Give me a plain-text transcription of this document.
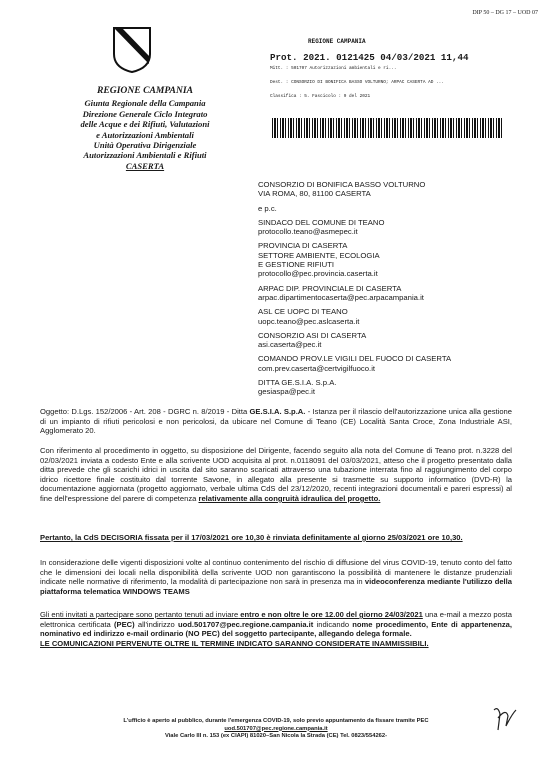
DIP 50 – DG 17 – UOD 07
REGIONE CAMPANIA
Giunta Regionale della Campania
Direzione Generale Ciclo Integrato
delle Acque e dei Rifiuti, Valutazioni
e Autorizzazioni Ambientali
Unità Operativa Dirigenziale
Autorizzazioni Ambientali e Rifiuti
CASERTA
REGIONE CAMPANIA
Prot. 2021. 0121425 04/03/2021 11,44
Mitt. : 501707 Autorizzazioni ambientali e ri...
Dest. : CONSORZIO DI BONIFICA BASSO VOLTURNO; ARPAC CASERTA AD ...
Classifica : 5. Fascicolo : 9 del 2021
CONSORZIO DI BONIFICA BASSO VOLTURNO
VIA ROMA, 80, 81100 CASERTA
e p.c.
SINDACO DEL COMUNE DI TEANO
protocollo.teano@asmepec.it
PROVINCIA DI CASERTA
SETTORE AMBIENTE, ECOLOGIA
E GESTIONE RIFIUTI
protocollo@pec.provincia.caserta.it
ARPAC DIP. PROVINCIALE DI CASERTA
arpac.dipartimentocaserta@pec.arpacampania.it
ASL CE UOPC DI TEANO
uopc.teano@pec.aslcaserta.it
CONSORZIO ASI DI CASERTA
asi.caserta@pec.it
COMANDO PROV.LE VIGILI DEL FUOCO DI CASERTA
com.prev.caserta@certvigilfuoco.it
DITTA GE.S.I.A. S.p.A.
gesiaspa@pec.it
Oggetto: D.Lgs. 152/2006 - Art. 208 - DGRC n. 8/2019 - Ditta GE.S.I.A. S.p.A. - Istanza per il rilascio dell'autorizzazione unica alla gestione di un impianto di rifiuti pericolosi e non pericolosi, da ubicare nel Comune di Teano (CE) Località Santa Croce, Zona Industriale ASI, Agglomerato 20.
Con riferimento al procedimento in oggetto, su disposizione del Dirigente, facendo seguito alla nota del Comune di Teano prot. n.3228 del 02/03/2021 inviata a codesto Ente e alla scrivente UOD acquisita al prot. n.0118091 del 03/03/2021, atteso che il progetto presentato dalla ditta prevede che gli scarichi idrici in uscita dal sito saranno scaricati attraverso una tubazione interrata fino al raggiungimento del corpo idrico ricettore finale costituito dal torrente Savone, in allegato alla presente si trasmette su supporto informatico (DVD-R) la documentazione aggiornata (progetto aggiornato, verbale ultima CdS del 23/12/2020, recenti integrazioni documentali e pareri espressi) al fine dell'espressione del parere di competenza relativamente alla congruità idraulica del progetto.
Pertanto, la CdS DECISORIA fissata per il 17/03/2021 ore 10,30 è rinviata definitamente al giorno 25/03/2021 ore 10,30.
In considerazione delle vigenti disposizioni volte al continuo contenimento del rischio di diffusione del virus COVID-19, tenuto conto del fatto che le dimensioni dei locali nella disponibilità della scrivente UOD non garantiscono la possibilità di mantenere le distanze prudenziali indicate nelle normative di riferimento, la modalità di partecipazione non sarà in presenza ma in videoconferenza mediante l'utilizzo della piattaforma telematica WINDOWS TEAMS
Gli enti invitati a partecipare sono pertanto tenuti ad inviare entro e non oltre le ore 12.00 del giorno 24/03/2021 una e-mail a mezzo posta elettronica certificata (PEC) all'indirizzo uod.501707@pec.regione.campania.it indicando nome procedimento, Ente di appartenenza, nominativo ed indirizzo e-mail ordinario (NO PEC) del soggetto partecipante, allegando delega formale.
LE COMUNICAZIONI PERVENUTE OLTRE IL TERMINE INDICATO SARANNO CONSIDERATE INAMMISSIBILI.
L'ufficio è aperto al pubblico, durante l'emergenza COVID-19, solo previo appuntamento da fissare tramite PEC
uod.501707@pec.regione.campania.it
Viale Carlo III n. 153 (ex CIAPI) 81020–San Nicola la Strada (CE) Tel. 0823/554262-
